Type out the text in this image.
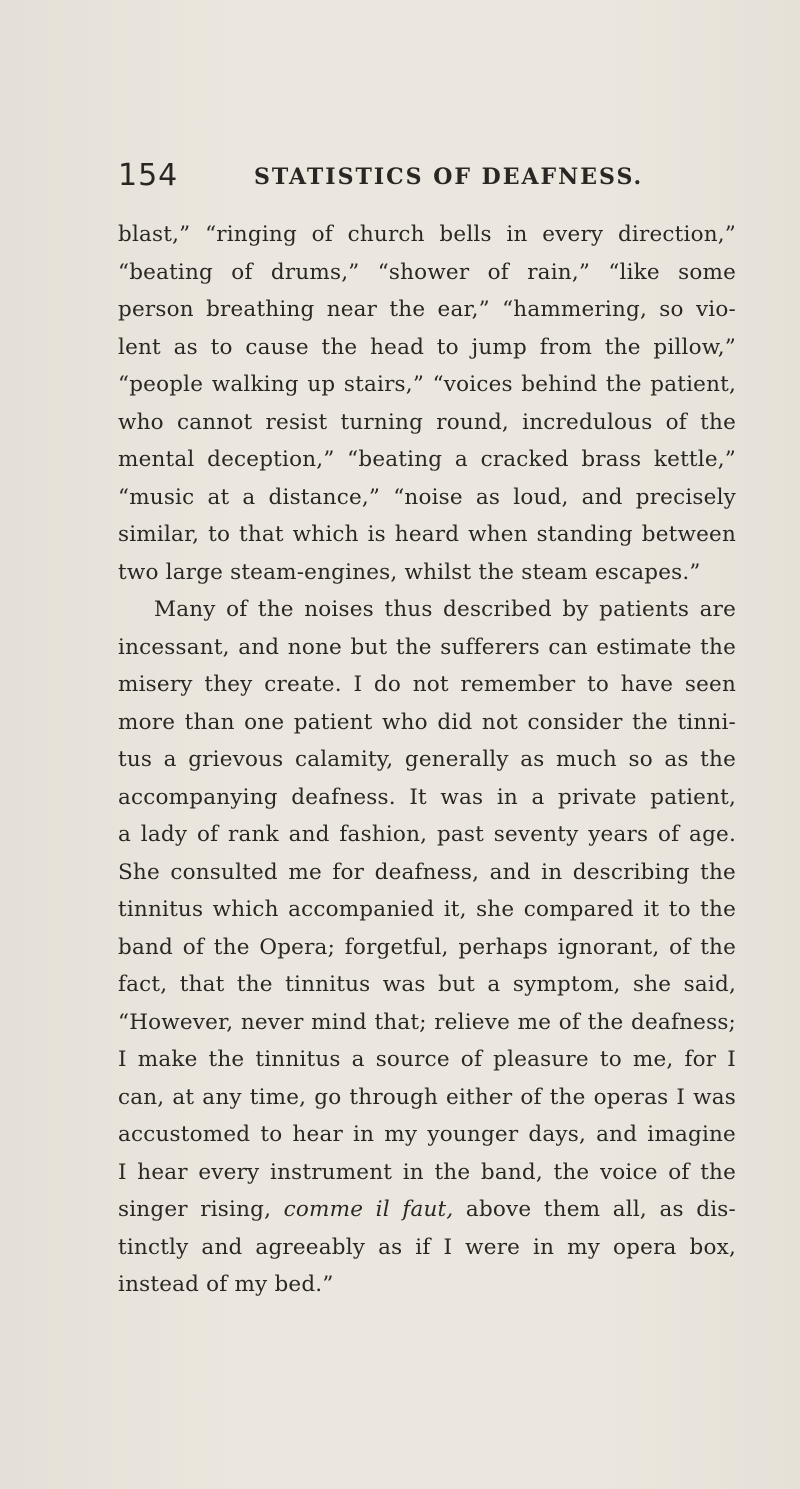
154	STATISTICS OF DEAFNESS.
blast,” “ringing of church bells in every direction,”
“beating of drums,” “shower of rain,” “like some
person breathing near the ear,” “hammering, so vio-
lent as to cause the head to jump from the pillow,”
“people walking up stairs,” “voices behind the patient,
who cannot resist turning round, incredulous of the
mental deception,” “beating a cracked brass kettle,”
“music at a distance,” “noise as loud, and precisely
similar, to that which is heard when standing between
two large steam-engines, whilst the steam escapes.”
Many of the noises thus described by patients are
incessant, and none but the sufferers can estimate the
misery they create. I do not remember to have seen
more than one patient who did not consider the tinni-
tus a grievous calamity, generally as much so as the
accompanying deafness. It was in a private patient,
a lady of rank and fashion, past seventy years of age.
She consulted me for deafness, and in describing the
tinnitus which accompanied it, she compared it to the
band of the Opera; forgetful, perhaps ignorant, of the
fact, that the tinnitus was but a symptom, she said,
“However, never mind that; relieve me of the deafness;
I make the tinnitus a source of pleasure to me, for I
can, at any time, go through either of the operas I was
accustomed to hear in my younger days, and imagine
I hear every instrument in the band, the voice of the
singer rising, comme il faut, above them all, as dis-
tinctly and agreeably as if I were in my opera box,
instead of my bed.”
